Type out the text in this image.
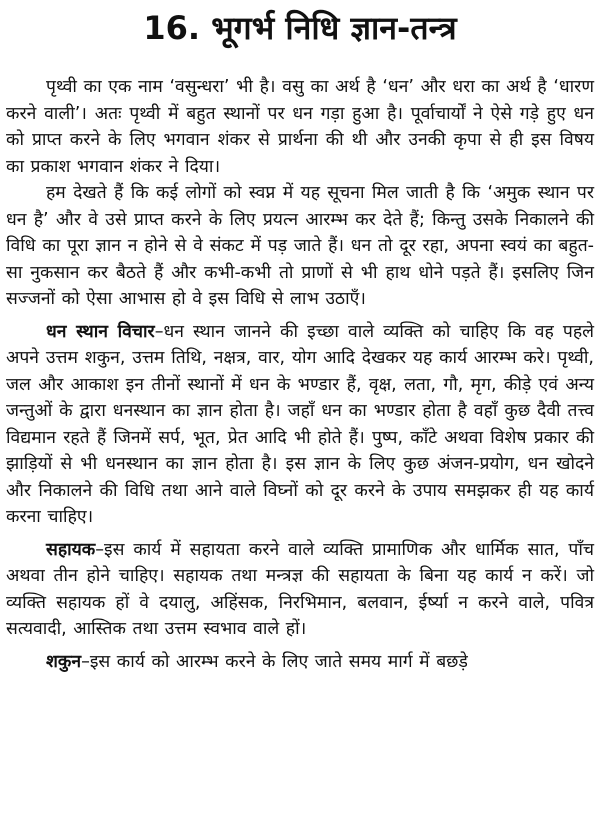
16. भूगर्भ निधि ज्ञान-तन्त्र

पृथ्वी का एक नाम ‘वसुन्धरा’ भी है। वसु का अर्थ है ‘धन’ और धरा का अर्थ है ‘धारण करने वाली’। अतः पृथ्वी में बहुत स्थानों पर धन गड़ा हुआ है। पूर्वाचार्यों ने ऐसे गड़े हुए धन को प्राप्त करने के लिए भगवान शंकर से प्रार्थना की थी और उनकी कृपा से ही इस विषय का प्रकाश भगवान शंकर ने दिया।

हम देखते हैं कि कई लोगों को स्वप्न में यह सूचना मिल जाती है कि ‘अमुक स्थान पर धन है’ और वे उसे प्राप्त करने के लिए प्रयत्न आरम्भ कर देते हैं; किन्तु उसके निकालने की विधि का पूरा ज्ञान न होने से वे संकट में पड़ जाते हैं। धन तो दूर रहा, अपना स्वयं का बहुत-सा नुकसान कर बैठते हैं और कभी-कभी तो प्राणों से भी हाथ धोने पड़ते हैं। इसलिए जिन सज्जनों को ऐसा आभास हो वे इस विधि से लाभ उठाएँ।

धन स्थान विचार–धन स्थान जानने की इच्छा वाले व्यक्ति को चाहिए कि वह पहले अपने उत्तम शकुन, उत्तम तिथि, नक्षत्र, वार, योग आदि देखकर यह कार्य आरम्भ करे। पृथ्वी, जल और आकाश इन तीनों स्थानों में धन के भण्डार हैं, वृक्ष, लता, गौ, मृग, कीड़े एवं अन्य जन्तुओं के द्वारा धनस्थान का ज्ञान होता है। जहाँ धन का भण्डार होता है वहाँ कुछ दैवी तत्त्व विद्यमान रहते हैं जिनमें सर्प, भूत, प्रेत आदि भी होते हैं। पुष्प, काँटे अथवा विशेष प्रकार की झाड़ियों से भी धनस्थान का ज्ञान होता है। इस ज्ञान के लिए कुछ अंजन-प्रयोग, धन खोदने और निकालने की विधि तथा आने वाले विघ्नों को दूर करने के उपाय समझकर ही यह कार्य करना चाहिए।

सहायक–इस कार्य में सहायता करने वाले व्यक्ति प्रामाणिक और धार्मिक सात, पाँच अथवा तीन होने चाहिए। सहायक तथा मन्त्रज्ञ की सहायता के बिना यह कार्य न करें। जो व्यक्ति सहायक हों वे दयालु, अहिंसक, निरभिमान, बलवान, ईर्ष्या न करने वाले, पवित्र सत्यवादी, आस्तिक तथा उत्तम स्वभाव वाले हों।

शकुन–इस कार्य को आरम्भ करने के लिए जाते समय मार्ग में बछड़े
